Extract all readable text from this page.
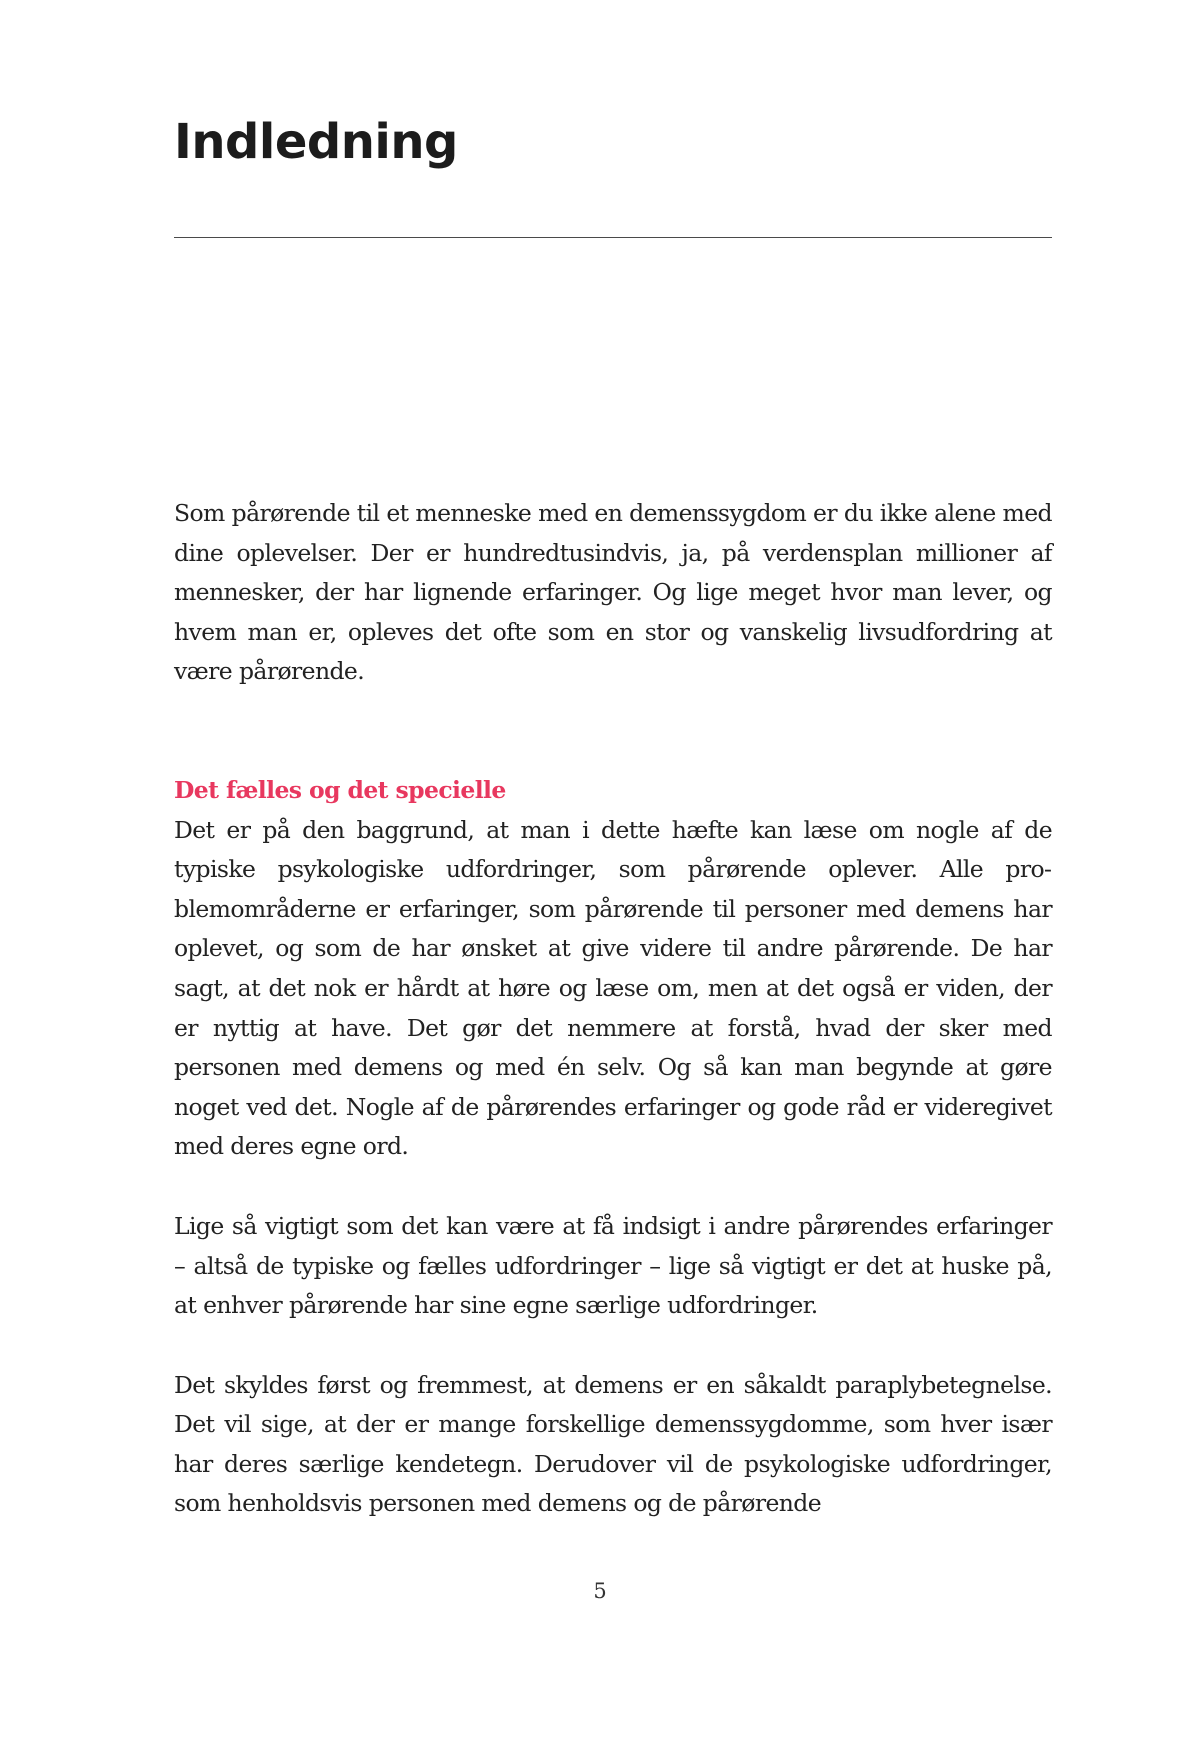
Indledning

Som pårørende til et menneske med en demenssygdom er du ikke alene med dine oplevelser. Der er hundredtusindvis, ja, på verdensplan millioner af mennesker, der har lignende erfaringer. Og lige meget hvor man lever, og hvem man er, opleves det ofte som en stor og vanskelig livsudfordring at være pårørende.

Det fælles og det specielle

Det er på den baggrund, at man i dette hæfte kan læse om nogle af de typiske psykologiske udfordringer, som pårørende oplever. Alle problemområderne er erfaringer, som pårørende til personer med demens har oplevet, og som de har ønsket at give videre til andre pårørende. De har sagt, at det nok er hårdt at høre og læse om, men at det også er viden, der er nyttig at have. Det gør det nemmere at forstå, hvad der sker med personen med demens og med én selv. Og så kan man begynde at gøre noget ved det. Nogle af de pårørendes erfaringer og gode råd er videregivet med deres egne ord.

Lige så vigtigt som det kan være at få indsigt i andre pårørendes erfaringer – altså de typiske og fælles udfordringer – lige så vigtigt er det at huske på, at enhver pårørende har sine egne særlige udfordringer.

Det skyldes først og fremmest, at demens er en såkaldt paraplybetegnelse. Det vil sige, at der er mange forskellige demenssygdomme, som hver især har deres særlige kendetegn. Derudover vil de psykologiske udfordringer, som henholdsvis personen med demens og de pårørende

5
